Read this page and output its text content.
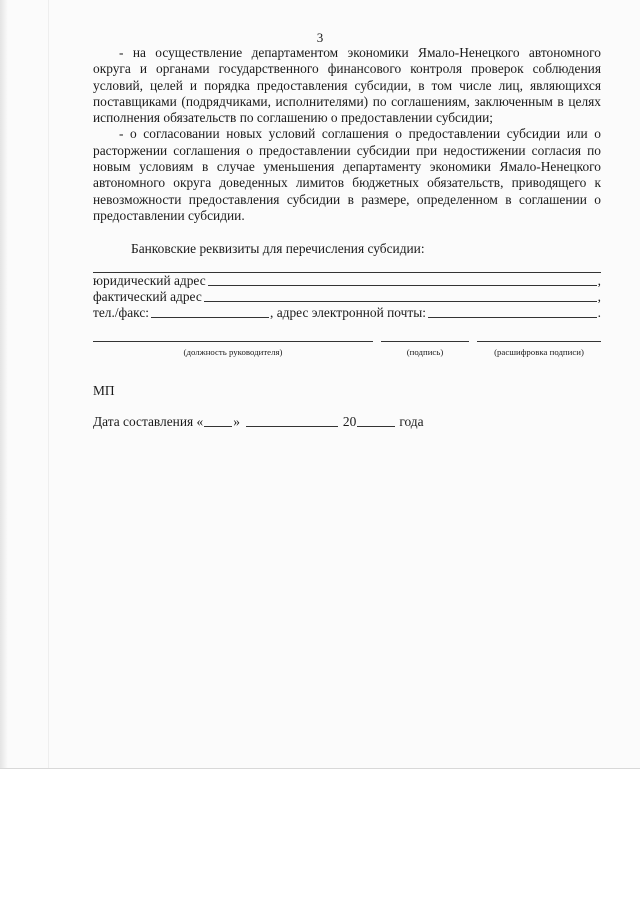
3

- на осуществление департаментом экономики Ямало-Ненецкого автономного округа и органами государственного финансового контроля проверок соблюдения условий, целей и порядка предоставления субсидии, в том числе лиц, являющихся поставщиками (подрядчиками, исполнителями) по соглашениям, заключенным в целях исполнения обязательств по соглашению о предоставлении субсидии;

- о согласовании новых условий соглашения о предоставлении субсидии или о расторжении соглашения о предоставлении субсидии при недостижении согласия по новым условиям в случае уменьшения департаменту экономики Ямало-Ненецкого автономного округа доведенных лимитов бюджетных обязательств, приводящего к невозможности предоставления субсидии в размере, определенном в соглашении о предоставлении субсидии.

Банковские реквизиты для перечисления субсидии:

юридический адрес	,
фактический адрес	,
тел./факс:	, адрес электронной почты:	.
(должность руководителя)	(подпись)	(расшифровка подписи)
МП
Дата составления « »	20	года
